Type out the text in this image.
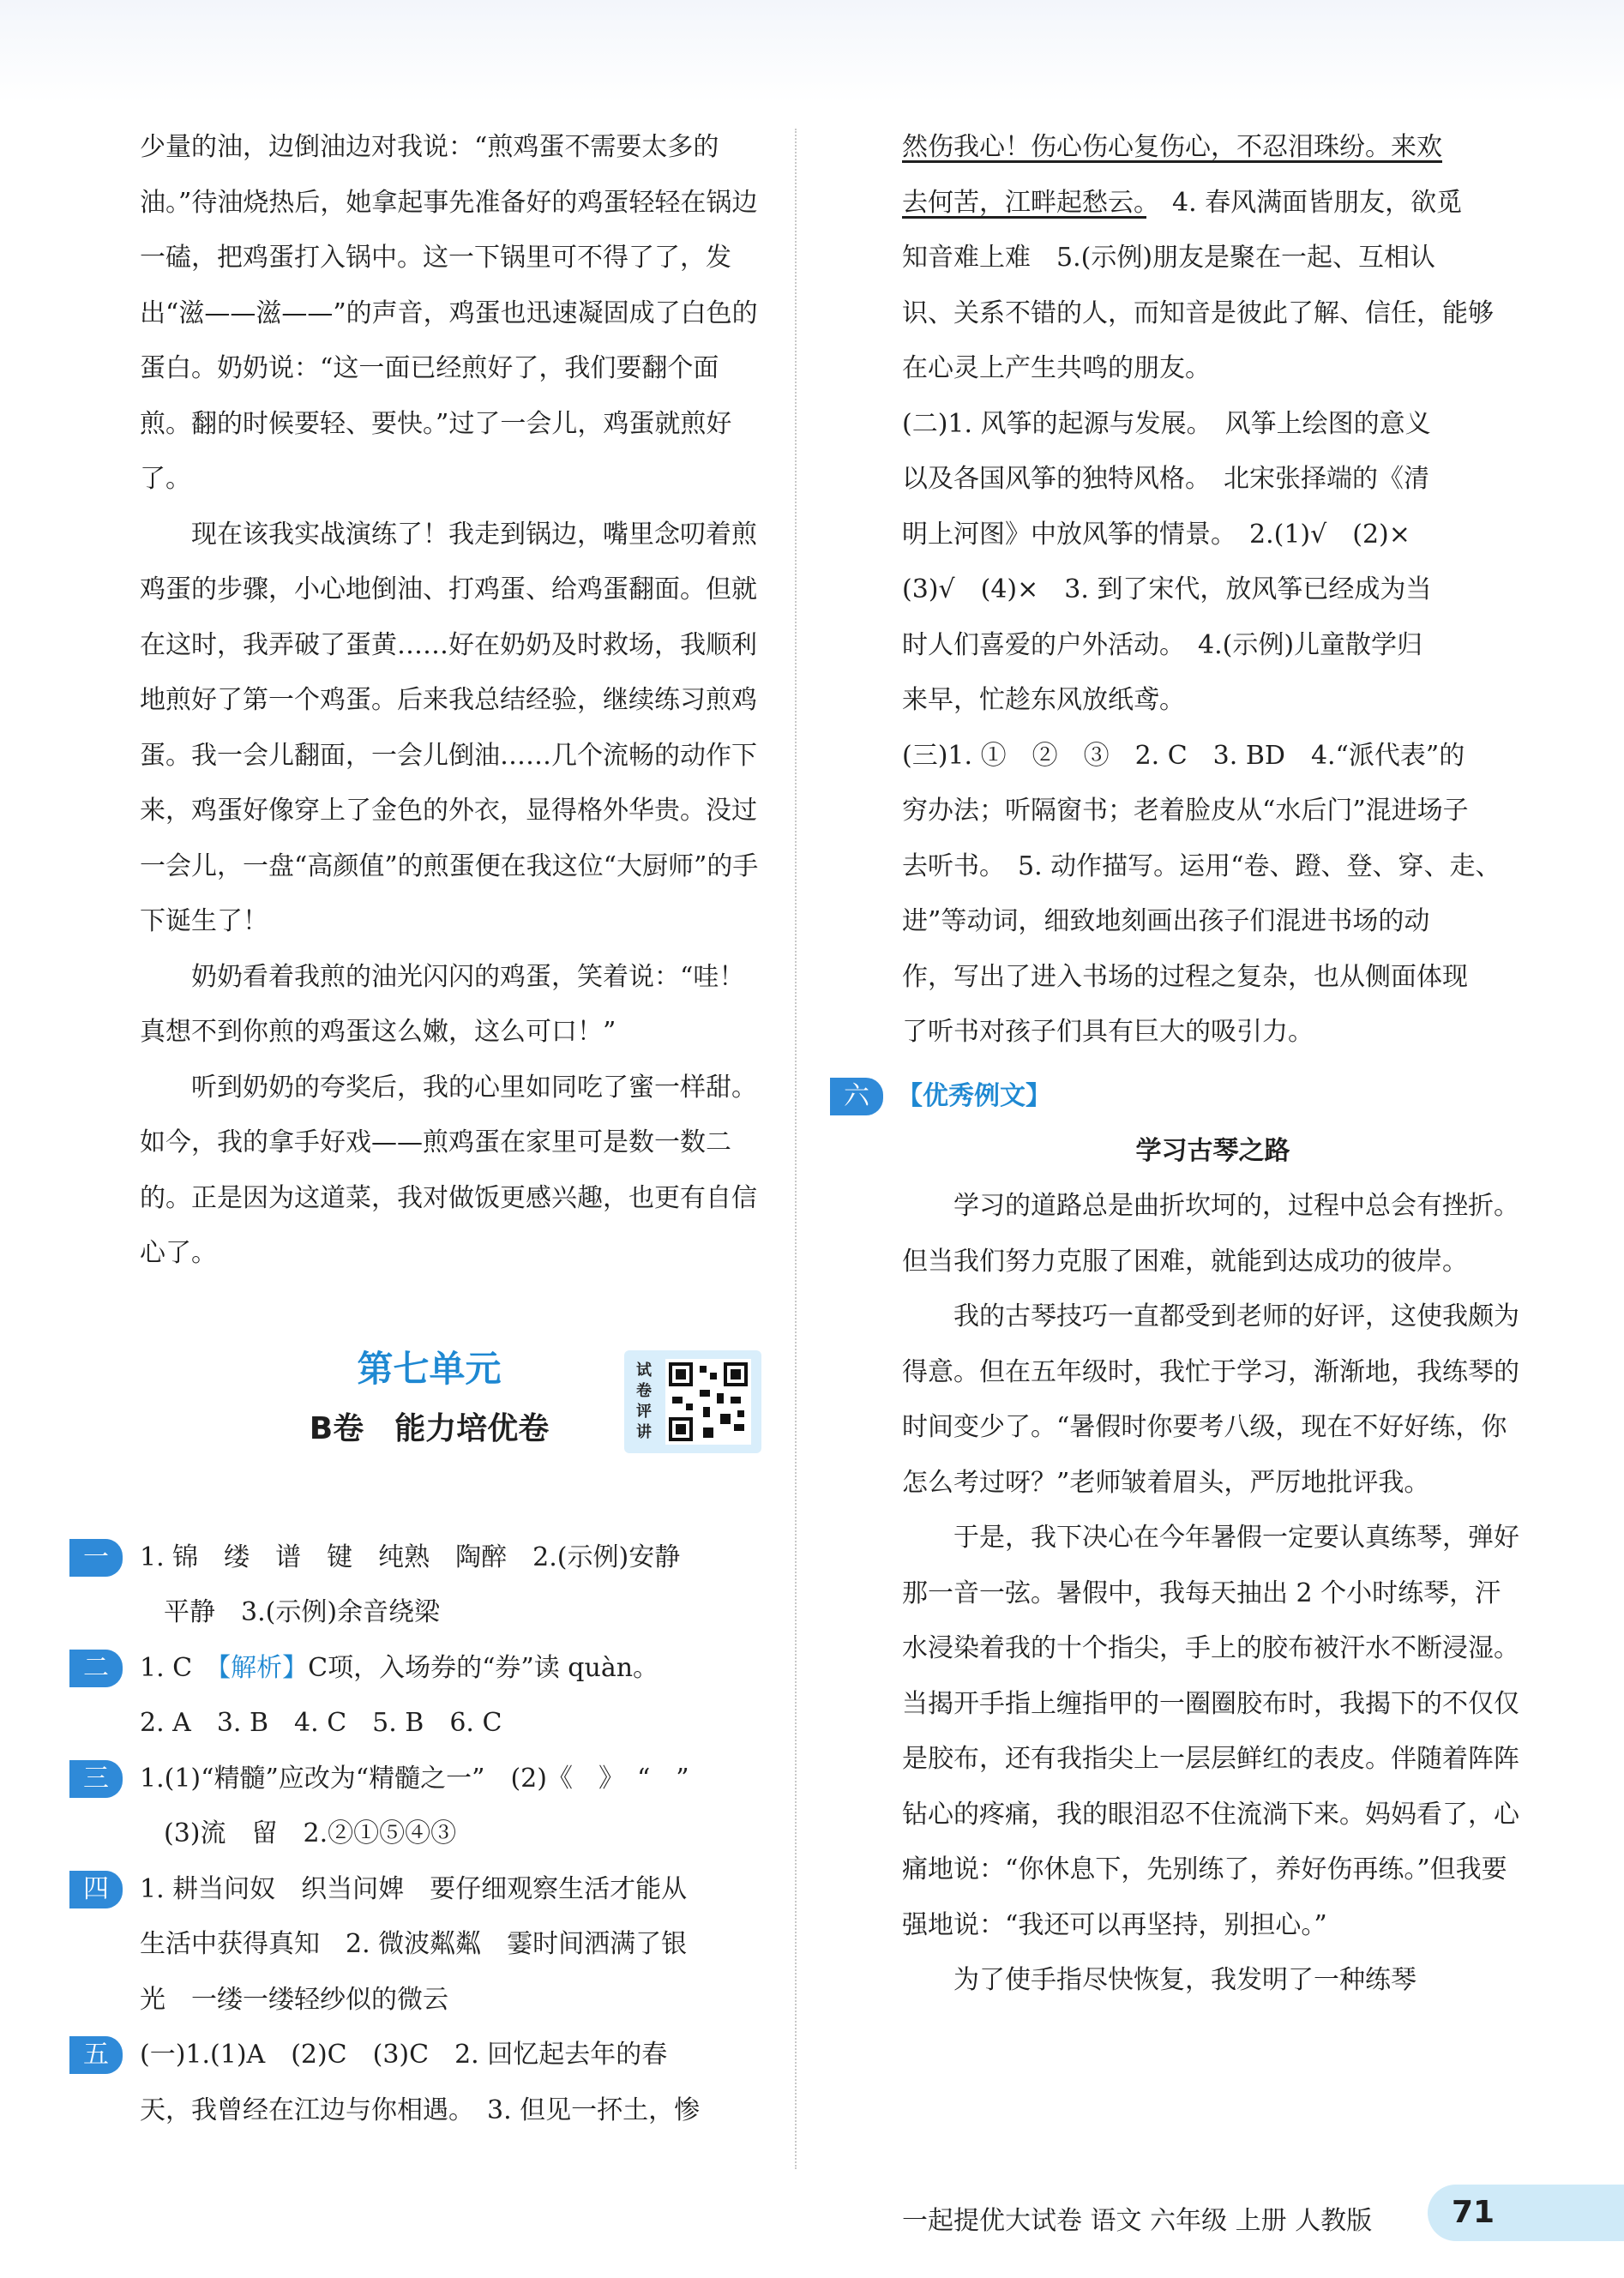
少量的油，边倒油边对我说：“煎鸡蛋不需要太多的油。”待油烧热后，她拿起事先准备好的鸡蛋轻轻在锅边一磕，把鸡蛋打入锅中。这一下锅里可不得了了，发出“滋——滋——”的声音，鸡蛋也迅速凝固成了白色的蛋白。奶奶说：“这一面已经煎好了，我们要翻个面煎。翻的时候要轻、要快。”过了一会儿，鸡蛋就煎好了。

现在该我实战演练了！我走到锅边，嘴里念叨着煎鸡蛋的步骤，小心地倒油、打鸡蛋、给鸡蛋翻面。但就在这时，我弄破了蛋黄……好在奶奶及时救场，我顺利地煎好了第一个鸡蛋。后来我总结经验，继续练习煎鸡蛋。我一会儿翻面，一会儿倒油……几个流畅的动作下来，鸡蛋好像穿上了金色的外衣，显得格外华贵。没过一会儿，一盘“高颜值”的煎蛋便在我这位“大厨师”的手下诞生了！

奶奶看着我煎的油光闪闪的鸡蛋，笑着说：“哇！真想不到你煎的鸡蛋这么嫩，这么可口！”

听到奶奶的夸奖后，我的心里如同吃了蜜一样甜。如今，我的拿手好戏——煎鸡蛋在家里可是数一数二的。正是因为这道菜，我对做饭更感兴趣，也更有自信心了。

第七单元
B卷　能力培优卷
试卷评讲
一	1. 锦　缕　谱　键　纯熟　陶醉　2.(示例)安静

平静　3.(示例)余音绕梁

二	1. C　【解析】C项，入场券的“券”读 quàn。

2. A　3. B　4. C　5. B　6. C

三	1.(1)“精髓”应改为“精髓之一”　(2)《　》　“　”

(3)流　留　2.②①⑤④③

四	1. 耕当问奴　织当问婢　要仔细观察生活才能从

生活中获得真知　2. 微波粼粼　霎时间洒满了银

光　一缕一缕轻纱似的微云

五	(一)1.(1)A　(2)C　(3)C　2. 回忆起去年的春

天，我曾经在江边与你相遇。　3. 但见一抔土，惨

然伤我心！伤心伤心复伤心，不忍泪珠纷。来欢

去何苦，江畔起愁云。　4. 春风满面皆朋友，欲觅

知音难上难　5.(示例)朋友是聚在一起、互相认

识、关系不错的人，而知音是彼此了解、信任，能够

在心灵上产生共鸣的朋友。

(二)1. 风筝的起源与发展。　风筝上绘图的意义

以及各国风筝的独特风格。　北宋张择端的《清

明上河图》中放风筝的情景。　2.(1)√　(2)×

(3)√　(4)×　3. 到了宋代，放风筝已经成为当

时人们喜爱的户外活动。　4.(示例)儿童散学归

来早，忙趁东风放纸鸢。

(三)1. ①　②　③　2. C　3. BD　4.“派代表”的

穷办法；听隔窗书；老着脸皮从“水后门”混进场子

去听书。　5. 动作描写。运用“卷、蹬、登、穿、走、

进”等动词，细致地刻画出孩子们混进书场的动

作，写出了进入书场的过程之复杂，也从侧面体现

了听书对孩子们具有巨大的吸引力。

六	【优秀例文】

学习古琴之路

学习的道路总是曲折坎坷的，过程中总会有挫折。但当我们努力克服了困难，就能到达成功的彼岸。

我的古琴技巧一直都受到老师的好评，这使我颇为得意。但在五年级时，我忙于学习，渐渐地，我练琴的时间变少了。“暑假时你要考八级，现在不好好练，你怎么考过呀？”老师皱着眉头，严厉地批评我。

于是，我下决心在今年暑假一定要认真练琴，弹好那一音一弦。暑假中，我每天抽出 2 个小时练琴，汗水浸染着我的十个指尖，手上的胶布被汗水不断浸湿。当揭开手指上缠指甲的一圈圈胶布时，我揭下的不仅仅是胶布，还有我指尖上一层层鲜红的表皮。伴随着阵阵钻心的疼痛，我的眼泪忍不住流淌下来。妈妈看了，心痛地说：“你休息下，先别练了，养好伤再练。”但我要强地说：“我还可以再坚持，别担心。”

为了使手指尽快恢复，我发明了一种练琴

一起提优大试卷 语文 六年级 上册 人教版	71
